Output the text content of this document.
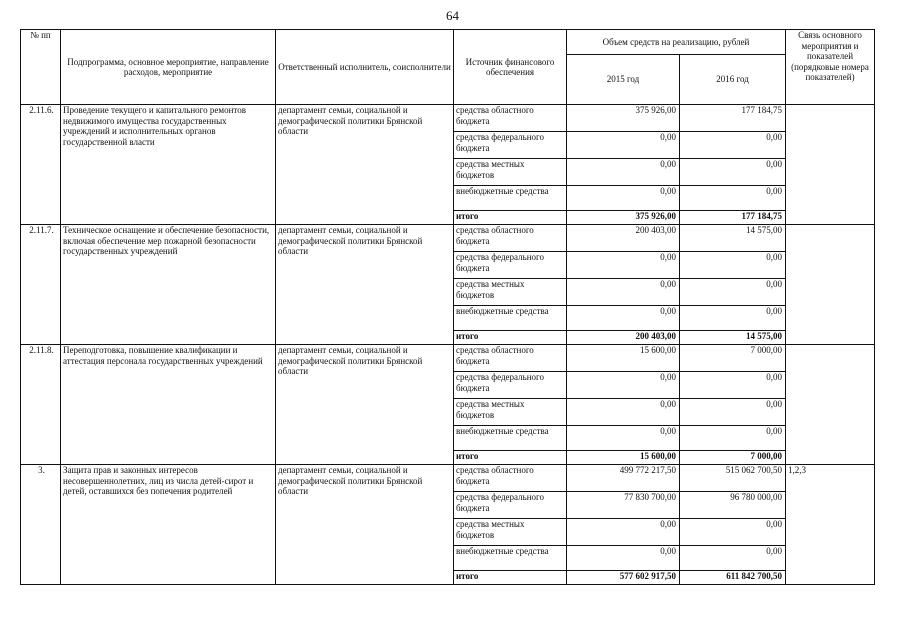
64
№ пп	Подпрограмма, основное мероприятие, направление расходов, мероприятие	Ответственный исполнитель, соисполнители	Источник финансового обеспечения	Объем средств на реализацию, рублей		Связь основного мероприятия и показателей (порядковые номера показателей)
				2015 год	2016 год	
2.11.6.	Проведение текущего и капитального ремонтов недвижимого имущества государственных учреждений и исполнительных органов государственной власти	департамент семьи, социальной и демографической политики Брянской области	средства областного бюджета	375 926,00	177 184,75	
			средства федерального бюджета	0,00	0,00	
			средства местных бюджетов	0,00	0,00	
			внебюджетные средства	0,00	0,00	
			итого	375 926,00	177 184,75	
2.11.7.	Техническое оснащение и обеспечение безопасности, включая обеспечение мер пожарной безопасности государственных учреждений	департамент семьи, социальной и демографической политики Брянской области	средства областного бюджета	200 403,00	14 575,00	
			средства федерального бюджета	0,00	0,00	
			средства местных бюджетов	0,00	0,00	
			внебюджетные средства	0,00	0,00	
			итого	200 403,00	14 575,00	
2.11.8.	Переподготовка, повышение квалификации и аттестация персонала государственных учреждений	департамент семьи, социальной и демографической политики Брянской области	средства областного бюджета	15 600,00	7 000,00	
			средства федерального бюджета	0,00	0,00	
			средства местных бюджетов	0,00	0,00	
			внебюджетные средства	0,00	0,00	
			итого	15 600,00	7 000,00	
3.	Защита прав и законных интересов несовершеннолетних, лиц из числа детей-сирот и детей, оставшихся без попечения родителей	департамент семьи, социальной и демографической политики Брянской области	средства областного бюджета	499 772 217,50	515 062 700,50	1,2,3
			средства федерального бюджета	77 830 700,00	96 780 000,00	
			средства местных бюджетов	0,00	0,00	
			внебюджетные средства	0,00	0,00	
			итого	577 602 917,50	611 842 700,50	
